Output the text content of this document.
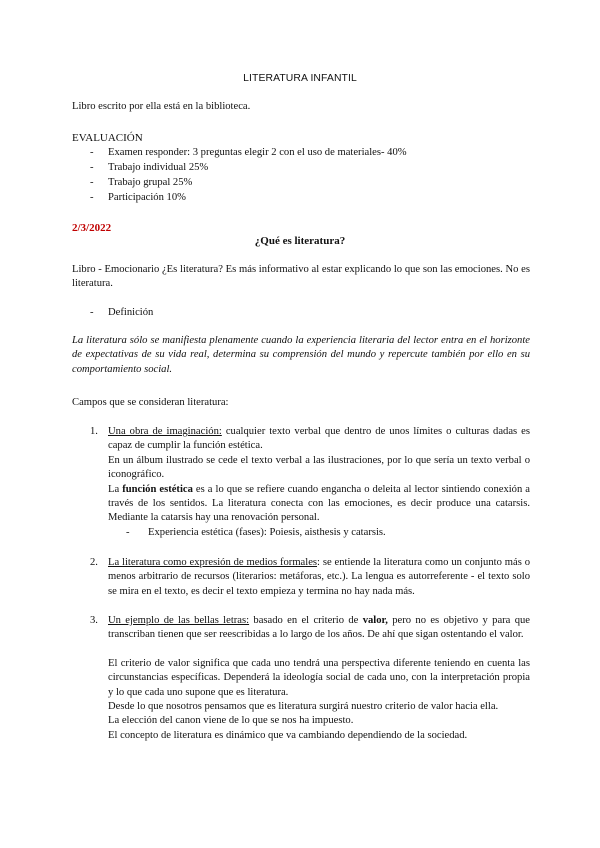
LITERATURA INFANTIL
Libro escrito por ella está en la biblioteca.
EVALUACIÓN
- Examen responder: 3 preguntas elegir 2 con el uso de materiales- 40%
- Trabajo individual 25%
- Trabajo grupal 25%
- Participación 10%
2/3/2022
¿Qué es literatura?
Libro - Emocionario ¿Es literatura? Es más informativo al estar explicando lo que son las emociones. No es literatura.
- Definición
La literatura sólo se manifiesta plenamente cuando la experiencia literaria del lector entra en el horizonte de expectativas de su vida real, determina su comprensión del mundo y repercute también por ello en su comportamiento social.
Campos que se consideran literatura:
1. Una obra de imaginación: cualquier texto verbal que dentro de unos límites o culturas dadas es capaz de cumplir la función estética.

En un álbum ilustrado se cede el texto verbal a las ilustraciones, por lo que sería un texto verbal o iconográfico.

La función estética es a lo que se refiere cuando engancha o deleita al lector sintiendo conexión a través de los sentidos. La literatura conecta con las emociones, es decir produce una catarsis. Mediante la catarsis hay una renovación personal.

- Experiencia estética (fases): Poiesis, aisthesis y catarsis.
2. La literatura como expresión de medios formales: se entiende la literatura como un conjunto más o menos arbitrario de recursos (literarios: metáforas, etc.). La lengua es autorreferente - el texto solo se mira en el texto, es decir el texto empieza y termina no hay nada más.

3. Un ejemplo de las bellas letras: basado en el criterio de valor, pero no es objetivo y para que transcriban tienen que ser reescribidas a lo largo de los años. De ahí que sigan ostentando el valor.

El criterio de valor significa que cada uno tendrá una perspectiva diferente teniendo en cuenta las circunstancias específicas. Dependerá la ideología social de cada uno, con la interpretación propia y lo que cada uno supone que es literatura.

Desde lo que nosotros pensamos que es literatura surgirá nuestro criterio de valor hacia ella.

La elección del canon viene de lo que se nos ha impuesto.

El concepto de literatura es dinámico que va cambiando dependiendo de la sociedad.
